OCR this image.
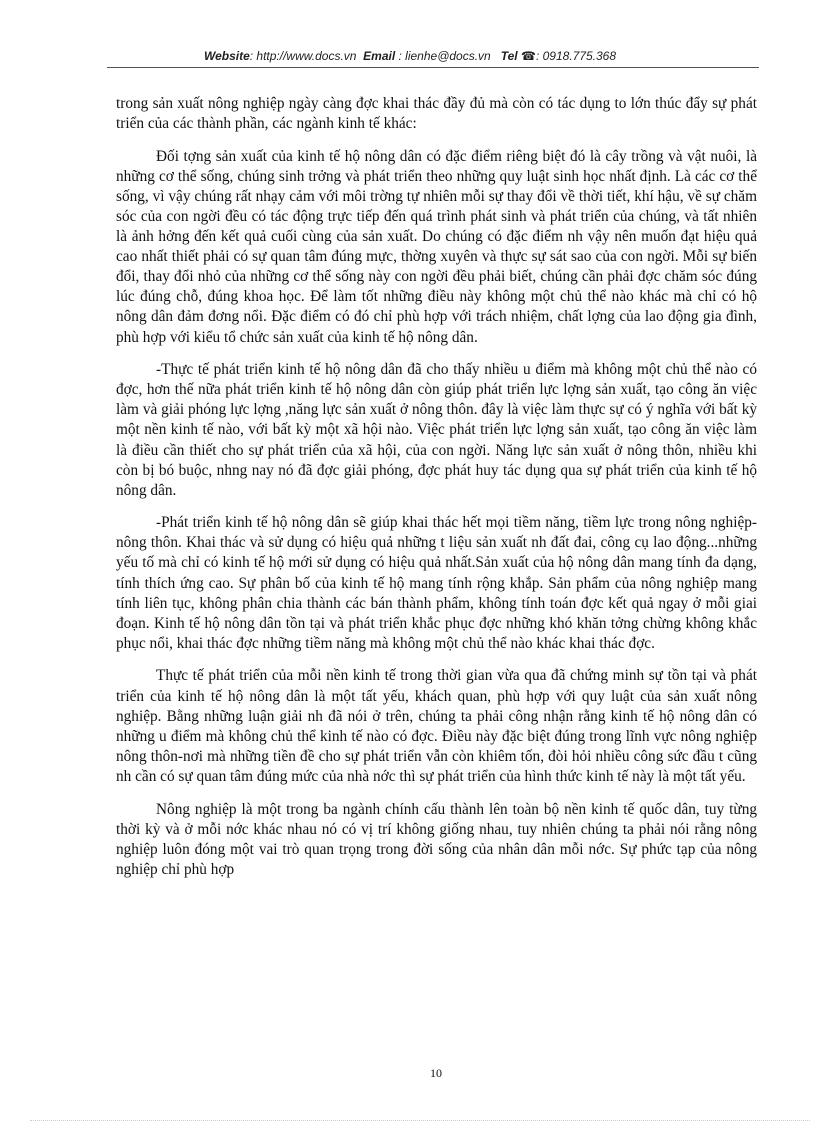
Website: http://www.docs.vn Email : lienhe@docs.vn Tel ☎: 0918.775.368

trong sản xuất nông nghiệp ngày càng đợc khai thác đầy đủ mà còn có tác dụng to lớn thúc đẩy sự phát triển của các thành phần, các ngành kinh tế khác:

Đối tợng sản xuất của kinh tế hộ nông dân có đặc điểm riêng biệt đó là cây trồng và vật nuôi, là những cơ thể sống, chúng sinh trởng và phát triển theo những quy luật sinh học nhất định. Là các cơ thể sống, vì vậy chúng rất nhạy cảm với môi trờng tự nhiên mỗi sự thay đổi về thời tiết, khí hậu, về sự chăm sóc của con ngời đều có tác động trực tiếp đến quá trình phát sinh và phát triển của chúng, và tất nhiên là ảnh hởng đến kết quả cuối cùng của sản xuất. Do chúng có đặc điểm nh vậy nên muốn đạt hiệu quả cao nhất thiết phải có sự quan tâm đúng mực, thờng xuyên và thực sự sát sao của con ngời. Mỗi sự biến đổi, thay đổi nhỏ của những cơ thể sống này con ngời đều phải biết, chúng cần phải đợc chăm sóc đúng lúc đúng chỗ, đúng khoa học. Để làm tốt những điều này không một chủ thể nào khác mà chỉ có hộ nông dân đảm đơng nổi. Đặc điểm có đó chỉ phù hợp với trách nhiệm, chất lợng của lao động gia đình, phù hợp với kiểu tổ chức sản xuất của kinh tế hộ nông dân.

-Thực tế phát triển kinh tế hộ nông dân đã cho thấy nhiều u điểm mà không một chủ thể nào có đợc, hơn thế nữa phát triển kinh tế hộ nông dân còn giúp phát triển lực lợng sản xuất, tạo công ăn việc làm và giải phóng lực lợng ,năng lực sản xuất ở nông thôn. đây là việc làm thực sự có ý nghĩa với bất kỳ một nền kinh tế nào, với bất kỳ một xã hội nào. Việc phát triển lực lợng sản xuất, tạo công ăn việc làm là điều cần thiết cho sự phát triển của xã hội, của con ngời. Năng lực sản xuất ở nông thôn, nhiều khi còn bị bó buộc, nhng nay nó đã đợc giải phóng, đợc phát huy tác dụng qua sự phát triển của kinh tế hộ nông dân.

-Phát triển kinh tế hộ nông dân sẽ giúp khai thác hết mọi tiềm năng, tiềm lực trong nông nghiệp-nông thôn. Khai thác và sử dụng có hiệu quả những t liệu sản xuất nh đất đai, công cụ lao động...những yếu tố mà chỉ có kinh tế hộ mới sử dụng có hiệu quả nhất.Sản xuất của hộ nông dân mang tính đa dạng, tính thích ứng cao. Sự phân bố của kinh tế hộ mang tính rộng khắp. Sản phẩm của nông nghiệp mang tính liên tục, không phân chia thành các bán thành phẩm, không tính toán đợc kết quả ngay ở mỗi giai đoạn. Kinh tế hộ nông dân tồn tại và phát triển khắc phục đợc những khó khăn tởng chừng không khắc phục nổi, khai thác đợc những tiềm năng mà không một chủ thể nào khác khai thác đợc.

Thực tế phát triển của mỗi nền kinh tế trong thời gian vừa qua đã chứng minh sự tồn tại và phát triển của kinh tế hộ nông dân là một tất yếu, khách quan, phù hợp với quy luật của sản xuất nông nghiệp. Bằng những luận giải nh đã nói ở trên, chúng ta phải công nhận rằng kinh tế hộ nông dân có những u điểm mà không chủ thể kinh tế nào có đợc. Điều này đặc biệt đúng trong lĩnh vực nông nghiệp nông thôn-nơi mà những tiền đề cho sự phát triển vẫn còn khiêm tốn, đòi hỏi nhiều công sức đầu t cũng nh cần có sự quan tâm đúng mức của nhà nớc thì sự phát triển của hình thức kinh tế này là một tất yếu.

Nông nghiệp là một trong ba ngành chính cấu thành lên toàn bộ nền kinh tế quốc dân, tuy từng thời kỳ và ở mỗi nớc khác nhau nó có vị trí không giống nhau, tuy nhiên chúng ta phải nói rằng nông nghiệp luôn đóng một vai trò quan trọng trong đời sống của nhân dân mỗi nớc. Sự phức tạp của nông nghiệp chỉ phù hợp

10
